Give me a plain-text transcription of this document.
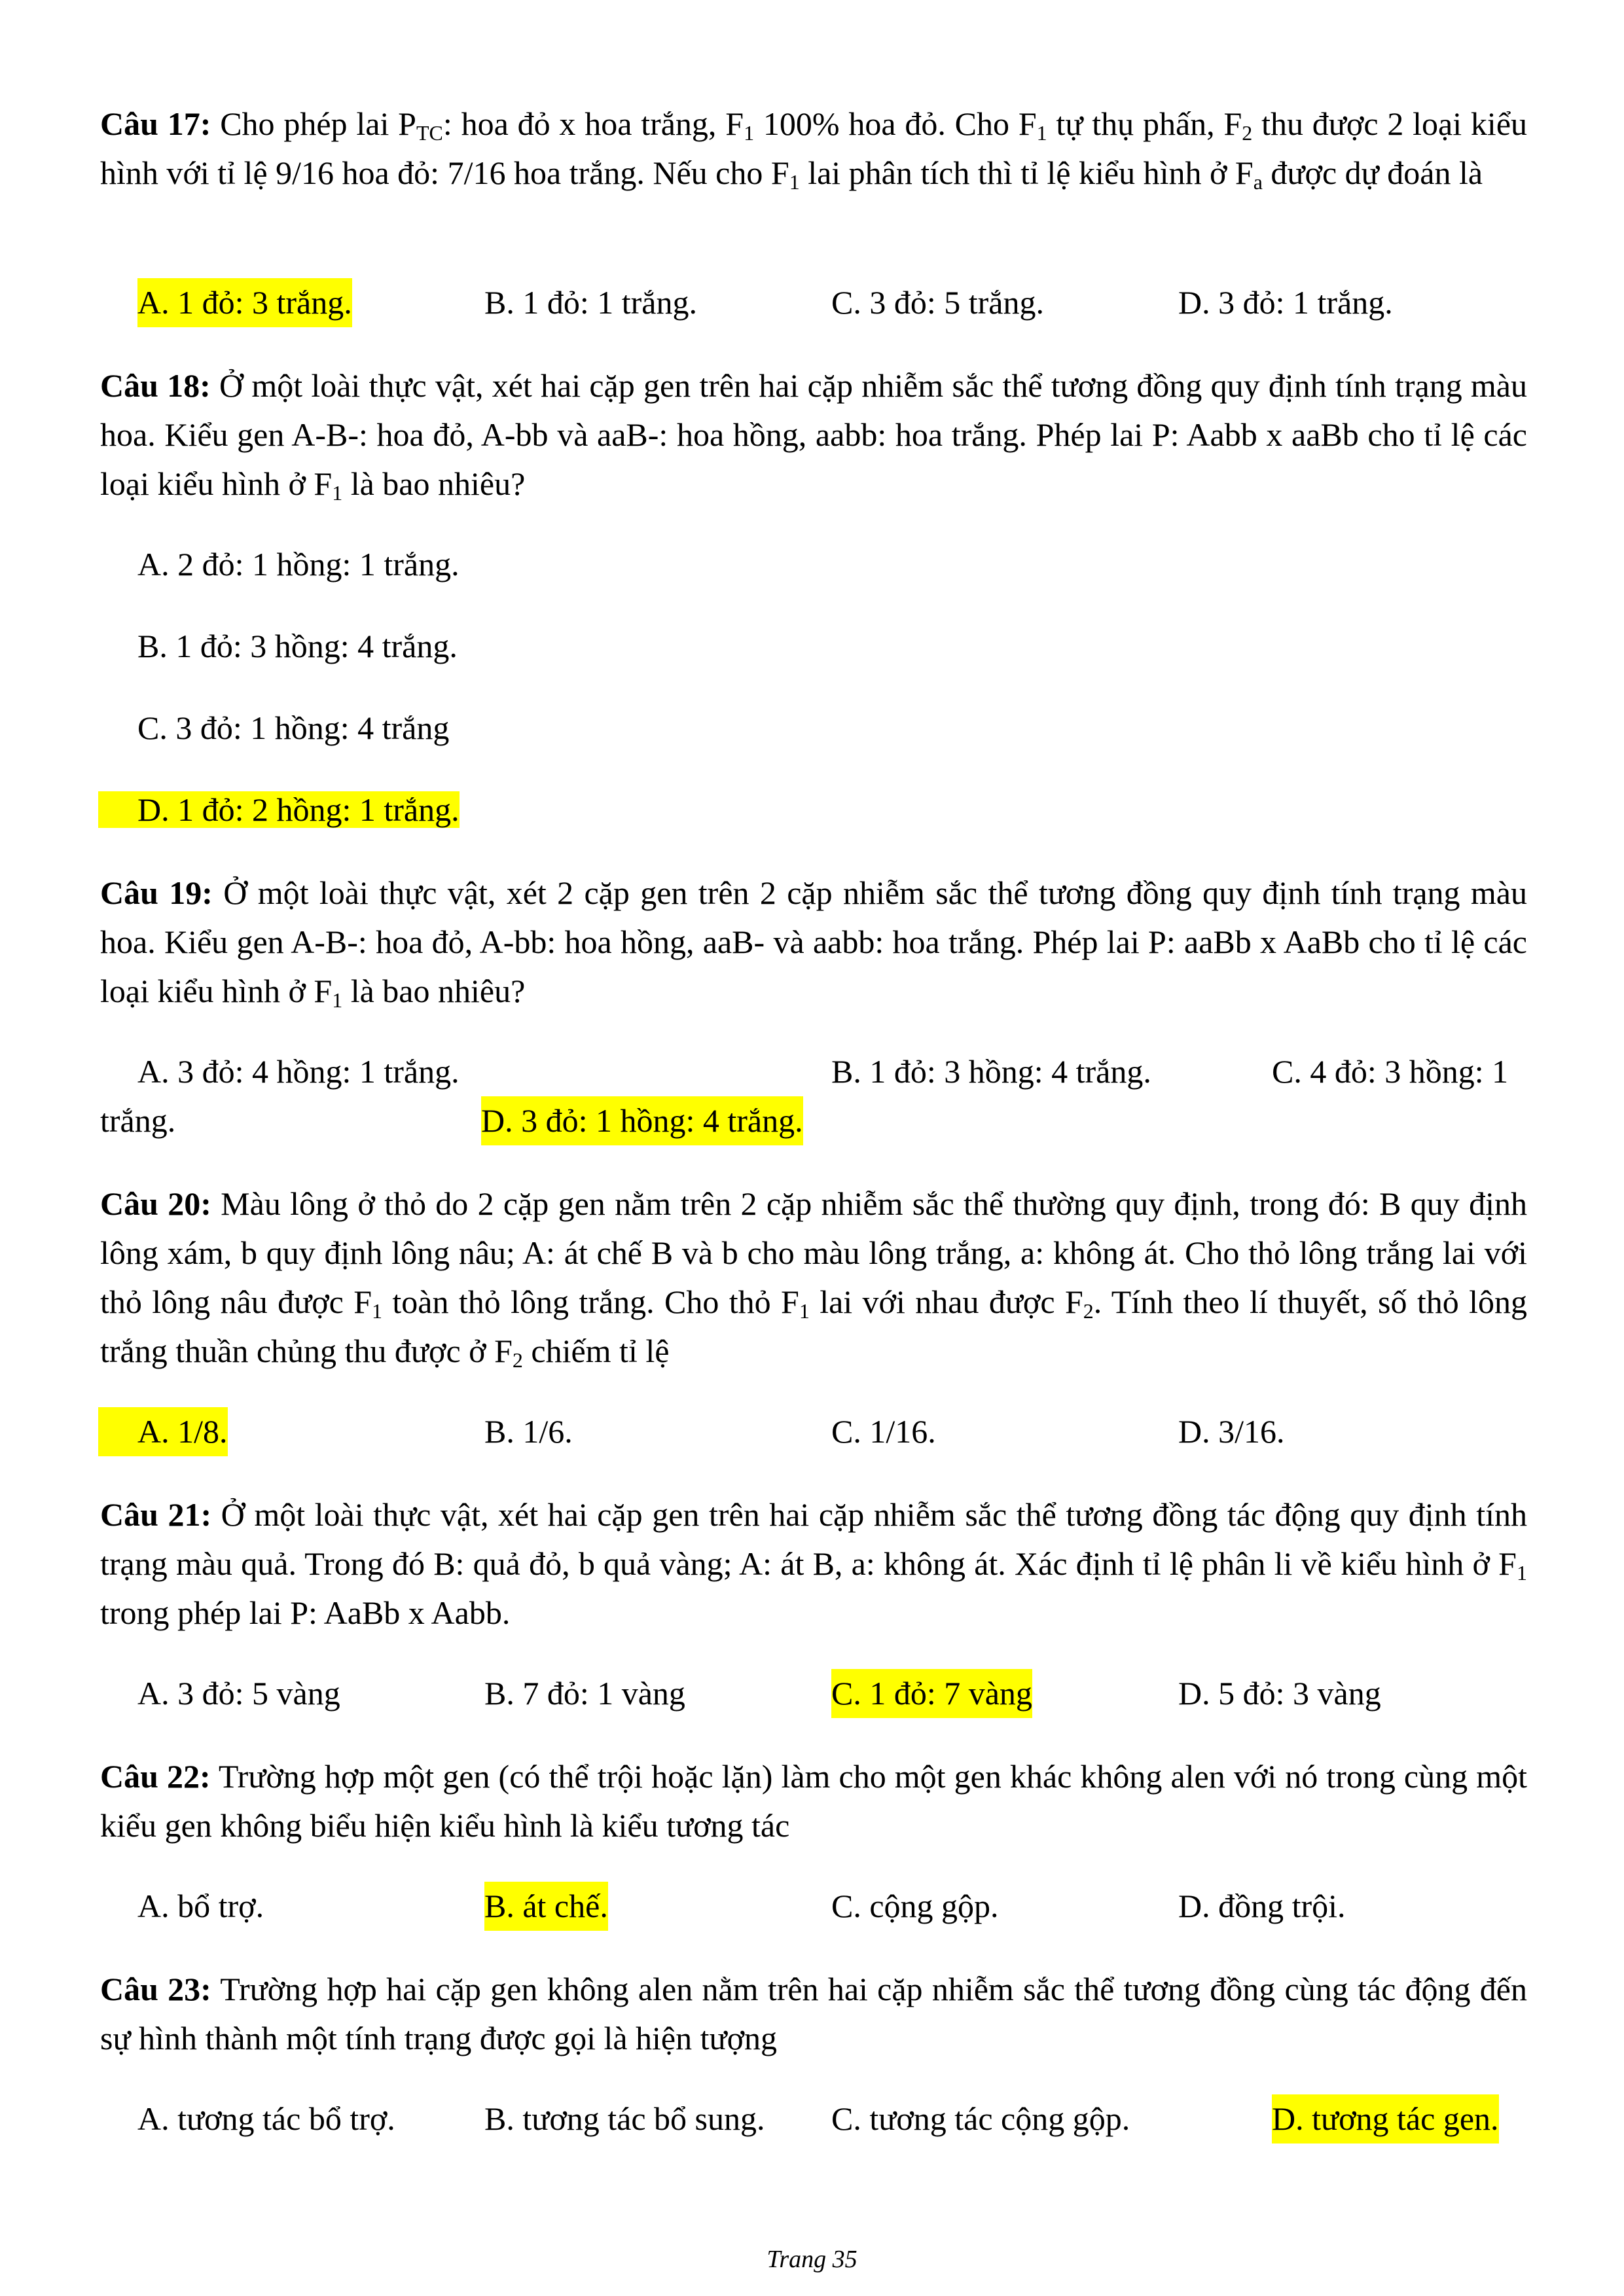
Câu 17: Cho phép lai $P_{TC}$: hoa đỏ x hoa trắng, $F_1$ 100% hoa đỏ. Cho $F_1$ tự thụ phấn, $F_2$ thu được 2 loại kiểu hình với tỉ lệ 9/16 hoa đỏ: 7/16 hoa trắng. Nếu cho $F_1$ lai phân tích thì tỉ lệ kiểu hình ở $F_a$ được dự đoán là
A. 1 đỏ: 3 trắng.	B. 1 đỏ: 1 trắng.	C. 3 đỏ: 5 trắng.	D. 3 đỏ: 1 trắng.
Câu 18: Ở một loài thực vật, xét hai cặp gen trên hai cặp nhiễm sắc thể tương đồng quy định tính trạng màu hoa. Kiểu gen A-B-: hoa đỏ, A-bb và aaB-: hoa hồng, aabb: hoa trắng. Phép lai P: Aabb x aaBb cho tỉ lệ các loại kiểu hình ở $F_1$ là bao nhiêu?
A. 2 đỏ: 1 hồng: 1 trắng.
B. 1 đỏ: 3 hồng: 4 trắng.
C. 3 đỏ: 1 hồng: 4 trắng
D. 1 đỏ: 2 hồng: 1 trắng.
Câu 19: Ở một loài thực vật, xét 2 cặp gen trên 2 cặp nhiễm sắc thể tương đồng quy định tính trạng màu hoa. Kiểu gen A-B-: hoa đỏ, A-bb: hoa hồng, aaB- và aabb: hoa trắng. Phép lai P: aaBb x AaBb cho tỉ lệ các loại kiểu hình ở $F_1$ là bao nhiêu?
A. 3 đỏ: 4 hồng: 1 trắng.	B. 1 đỏ: 3 hồng: 4 trắng.	C. 4 đỏ: 3 hồng: 1
trắng.	D. 3 đỏ: 1 hồng: 4 trắng.
Câu 20: Màu lông ở thỏ do 2 cặp gen nằm trên 2 cặp nhiễm sắc thể thường quy định, trong đó: B quy định lông xám, b quy định lông nâu; A: át chế B và b cho màu lông trắng, a: không át. Cho thỏ lông trắng lai với thỏ lông nâu được $F_1$ toàn thỏ lông trắng. Cho thỏ $F_1$ lai với nhau được $F_2$. Tính theo lí thuyết, số thỏ lông trắng thuần chủng thu được ở $F_2$ chiếm tỉ lệ
A. 1/8.	B. 1/6.	C. 1/16.	D. 3/16.
Câu 21: Ở một loài thực vật, xét hai cặp gen trên hai cặp nhiễm sắc thể tương đồng tác động quy định tính trạng màu quả. Trong đó B: quả đỏ, b quả vàng; A: át B, a: không át. Xác định tỉ lệ phân li về kiểu hình ở $F_1$ trong phép lai P: AaBb x Aabb.
A. 3 đỏ: 5 vàng	B. 7 đỏ: 1 vàng	C. 1 đỏ: 7 vàng	D. 5 đỏ: 3 vàng
Câu 22: Trường hợp một gen (có thể trội hoặc lặn) làm cho một gen khác không alen với nó trong cùng một kiểu gen không biểu hiện kiểu hình là kiểu tương tác
A. bổ trợ.	B. át chế.	C. cộng gộp.	D. đồng trội.
Câu 23: Trường hợp hai cặp gen không alen nằm trên hai cặp nhiễm sắc thể tương đồng cùng tác động đến sự hình thành một tính trạng được gọi là hiện tượng
A. tương tác bổ trợ.	B. tương tác bổ sung. C. tương tác cộng gộp.	D. tương tác gen.
Trang 35
